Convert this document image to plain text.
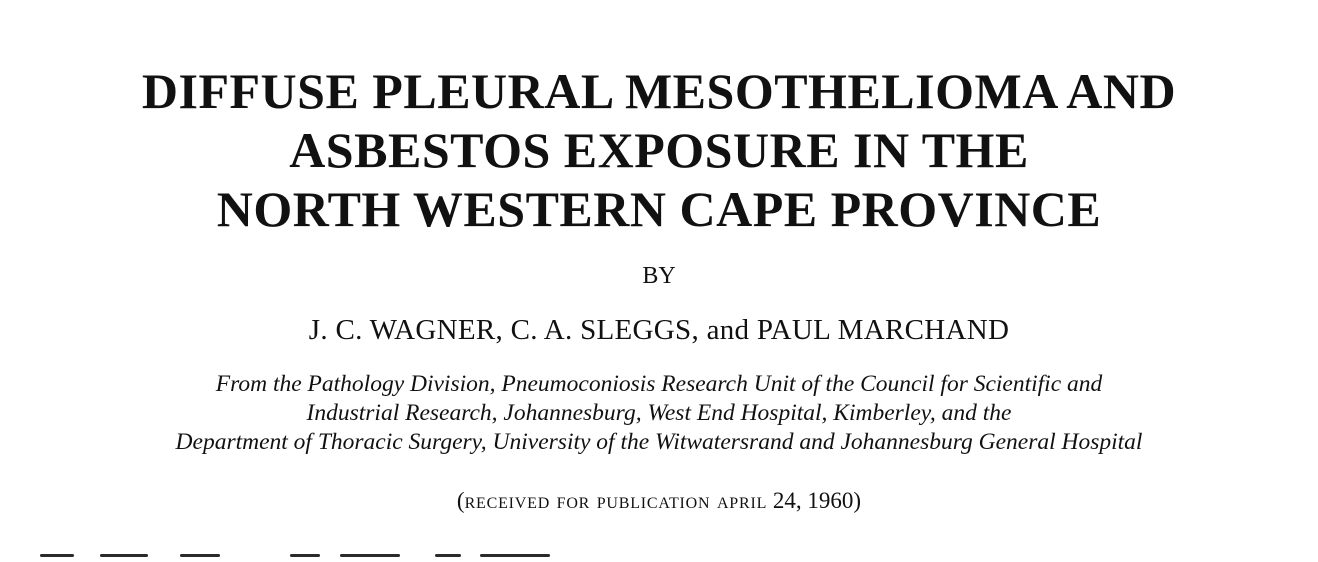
DIFFUSE PLEURAL MESOTHELIOMA AND
ASBESTOS EXPOSURE IN THE
NORTH WESTERN CAPE PROVINCE
BY
J. C. WAGNER, C. A. SLEGGS, and PAUL MARCHAND
From the Pathology Division, Pneumoconiosis Research Unit of the Council for Scientific and
Industrial Research, Johannesburg, West End Hospital, Kimberley, and the
Department of Thoracic Surgery, University of the Witwatersrand and Johannesburg General Hospital
(received for publication april 24, 1960)
